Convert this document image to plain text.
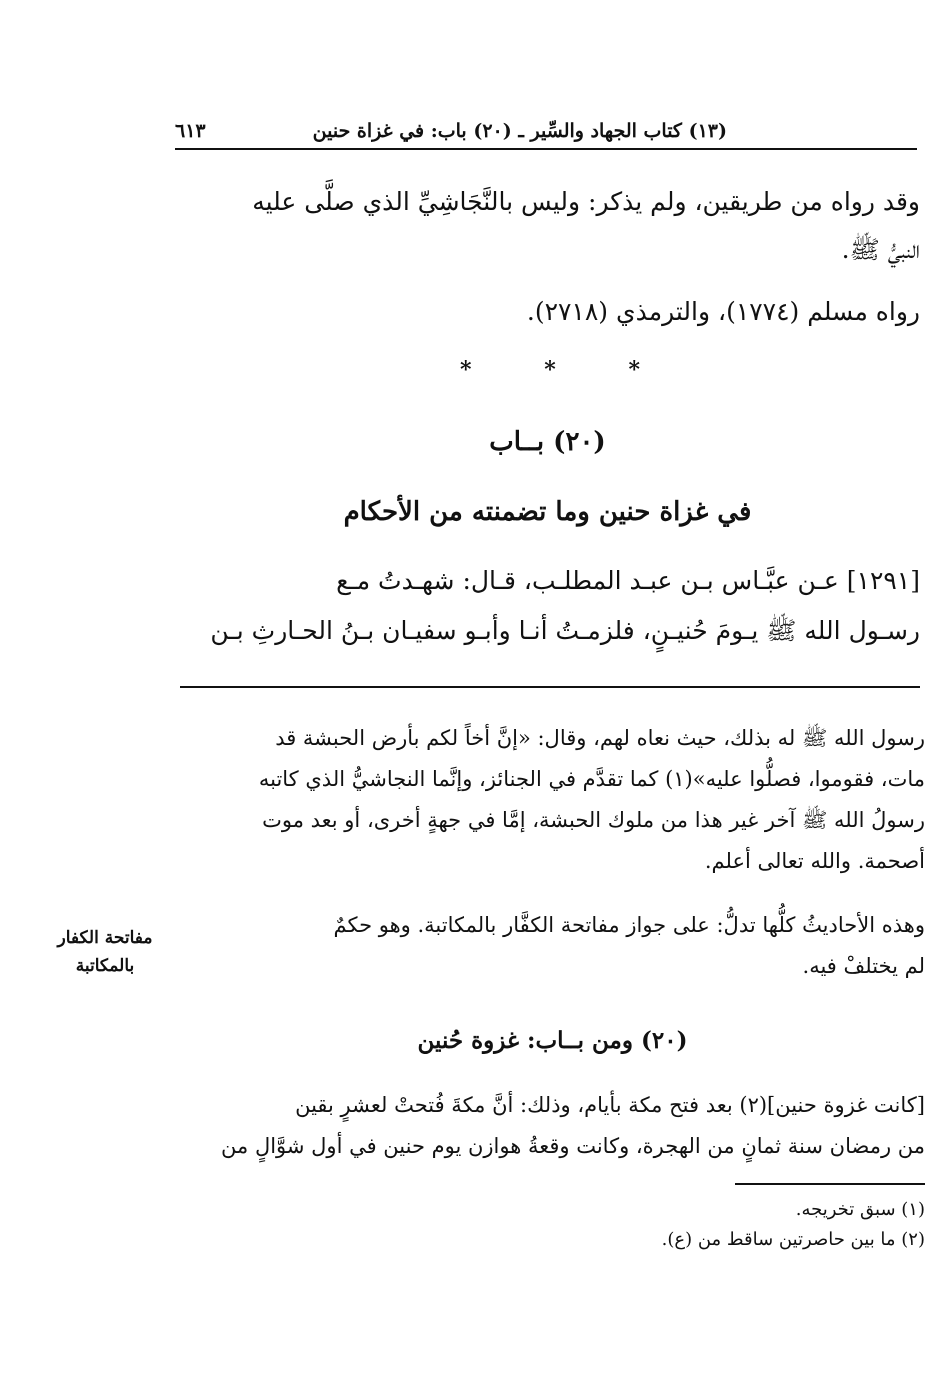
(١٣) كتاب الجهاد والسِّير ـ (٢٠) باب: في غزاة حنين
٦١٣
وقد رواه من طريقين، ولم يذكر: وليس بالنَّجَاشِيِّ الذي صلَّى عليه
النبيُّ ﷺ.
رواه مسلم (١٧٧٤)، والترمذي (٢٧١٨).
*	*	*
(٢٠) بــاب
في غزاة حنين وما تضمنته من الأحكام
[١٢٩١] عـن عبَّـاس بـن عبـد المطلـب، قـال: شهـدتُ مـع
رسـول الله ﷺ يـومَ حُنيـنٍ، فلزمـتُ أنـا وأبـو سفيـان بـنُ الحـارثِ بـن
رسول الله ﷺ له بذلك، حيث نعاه لهم، وقال: «إنَّ أخاً لكم بأرض الحبشة قد
مات، فقوموا، فصلُّوا عليه»(١) كما تقدَّم في الجنائز، وإنَّما النجاشيُّ الذي كاتبه
رسولُ الله ﷺ آخر غير هذا من ملوك الحبشة، إمَّا في جهةٍ أخرى، أو بعد موت
أصحمة. والله تعالى أعلم.
وهذه الأحاديثُ كلُّها تدلُّ: على جواز مفاتحة الكفَّار بالمكاتبة. وهو حكمٌ
لم يختلفْ فيه.
مفاتحة الكفار
بالمكاتبة
(٢٠) ومن بــاب: غزوة حُنين
[كانت غزوة حنين](٢) بعد فتح مكة بأيام، وذلك: أنَّ مكةَ فُتحتْ لعشرٍ بقين
من رمضان سنة ثمانٍ من الهجرة، وكانت وقعةُ هوازن يوم حنين في أول شوَّالٍ من
(١) سبق تخريجه.
(٢) ما بين حاصرتين ساقط من (ع).
